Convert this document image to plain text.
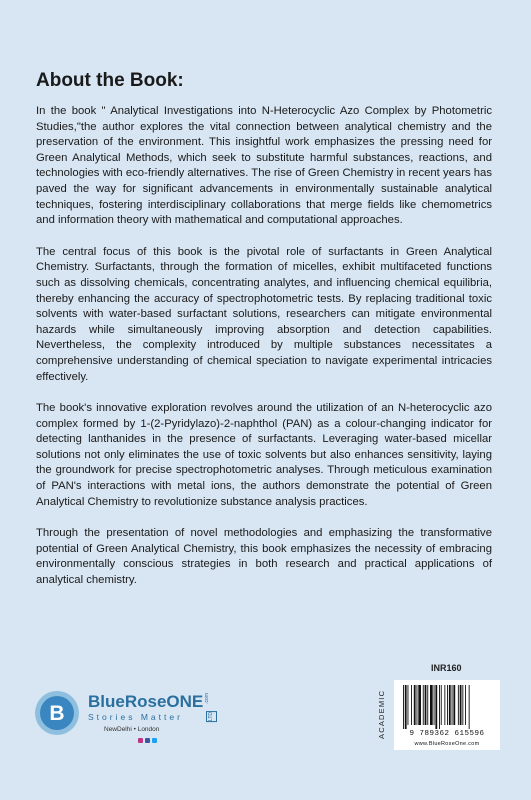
About the Book:

In the book " Analytical Investigations into N-Heterocyclic Azo Complex by Photometric Studies,"the author explores the vital connection between analytical chemistry and the preservation of the environment. This insightful work emphasizes the pressing need for Green Analytical Methods, which seek to substitute harmful substances, reactions, and technologies with eco-friendly alternatives. The rise of Green Chemistry in recent years has paved the way for significant advancements in environmentally sustainable analytical techniques, fostering interdisciplinary collaborations that merge fields like chemometrics and information theory with mathematical and computational approaches.

The central focus of this book is the pivotal role of surfactants in Green Analytical Chemistry. Surfactants, through the formation of micelles, exhibit multifaceted functions such as dissolving chemicals, concentrating analytes, and influencing chemical equilibria, thereby enhancing the accuracy of spectrophotometric tests. By replacing traditional toxic solvents with water-based surfactant solutions, researchers can mitigate environmental hazards while simultaneously improving absorption and detection capabilities. Nevertheless, the complexity introduced by multiple substances necessitates a comprehensive understanding of chemical speciation to navigate experimental intricacies effectively.

The book's innovative exploration revolves around the utilization of an N-heterocyclic azo complex formed by 1-(2-Pyridylazo)-2-naphthol (PAN) as a colour-changing indicator for detecting lanthanides in the presence of surfactants. Leveraging water-based micellar solutions not only eliminates the use of toxic solvents but also enhances sensitivity, laying the groundwork for precise spectrophotometric analyses. Through meticulous examination of PAN's interactions with metal ions, the authors demonstrate the potential of Green Analytical Chemistry to revolutionize substance analysis practices.

Through the presentation of novel methodologies and emphasizing the transformative potential of Green Analytical Chemistry, this book emphasizes the necessity of embracing environmentally conscious strategies in both research and practical applications of analytical chemistry.

B
BlueRoseONE .com
Stories Matter	LTD
NewDelhi • London
INR160
ACADEMIC	9 789362 615596
www.BlueRoseOne.com
